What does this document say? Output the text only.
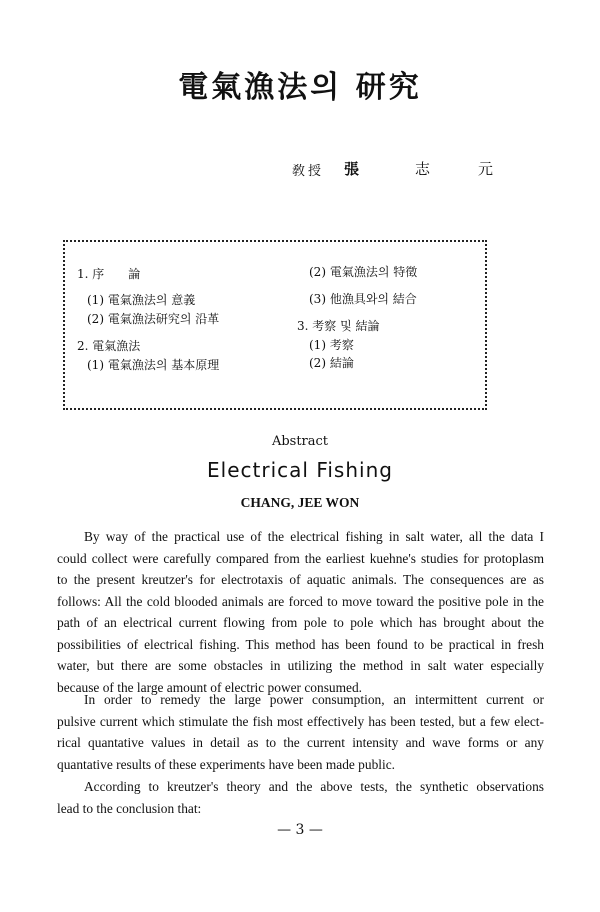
電氣漁法의 研究
敎授 張	志	元
1. 序　　論
(1) 電氣漁法의 意義
(2) 電氣漁法研究의 沿革
2. 電氣漁法
(1) 電氣漁法의 基本原理
(2) 電氣漁法의 特徵
(3) 他漁具와의 結合
3. 考察 및 結論
(1) 考察
(2) 結論
Abstract
Electrical Fishing
CHANG, JEE WON
By way of the practical use of the electrical fishing in salt water, all the data I
could collect were carefully compared from the earliest kuehne's studies for protoplasm
to the present kreutzer's for electrotaxis of aquatic animals. The consequences are as
follows: All the cold blooded animals are forced to move toward the positive pole in the
path of an electrical current flowing from pole to pole which has brought about the
possibilities of electrical fishing. This method has been found to be practical in fresh
water, but there are some obstacles in utilizing the method in salt water especially
because of the large amount of electric power consumed.
In order to remedy the large power consumption, an intermittent current or
pulsive current which stimulate the fish most effectively has been tested, but a few elect-
rical quantative values in detail as to the current intensity and wave forms or any
quantative results of these experiments have been made public.
According to kreutzer's theory and the above tests, the synthetic observations
lead to the conclusion that:
— 3 —
